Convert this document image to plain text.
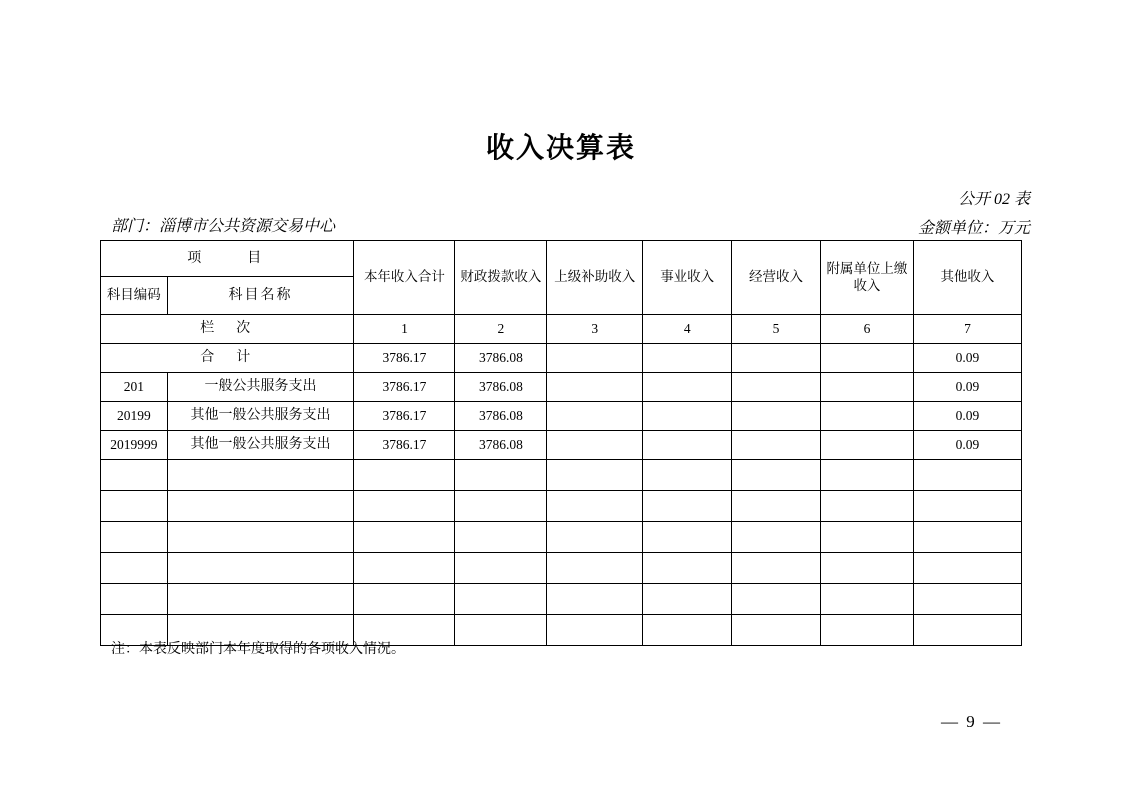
收入决算表
公开 02 表
金额单位：万元
部门：淄博市公共资源交易中心
项　　目		本年收入合计	财政拨款收入	上级补助收入	事业收入	经营收入	附属单位上缴收入	其他收入
科目编码	科目名称							
栏　次		1	2	3	4	5	6	7
合　计		3786.17	3786.08					0.09
201	一般公共服务支出	3786.17	3786.08					0.09
20199	其他一般公共服务支出	3786.17	3786.08					0.09
2019999	其他一般公共服务支出	3786.17	3786.08					0.09

注：本表反映部门本年度取得的各项收入情况。
— 9 —
